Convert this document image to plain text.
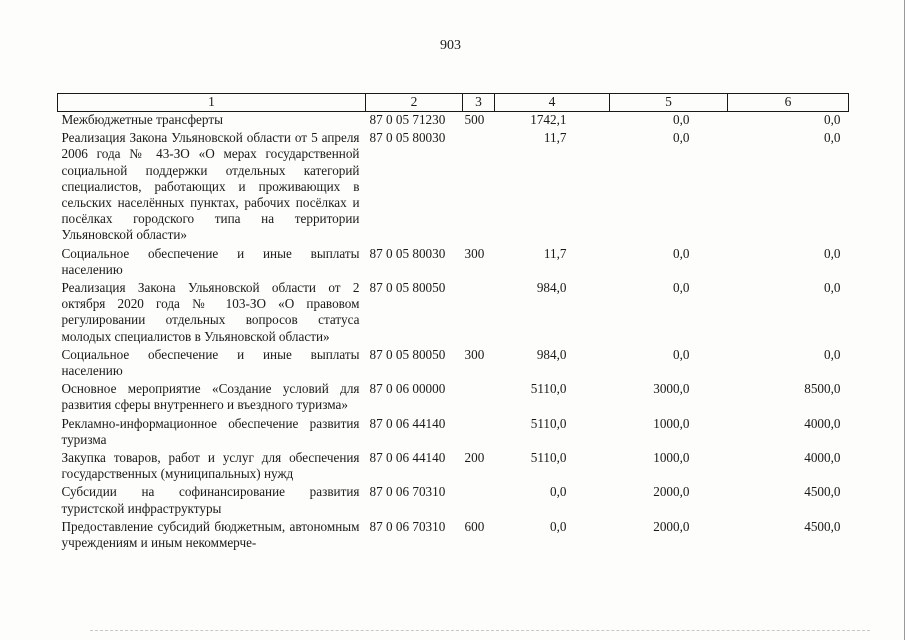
903
1	2	3	4	5	6
Межбюджетные трансферты	87 0 05 71230	500	1742,1	0,0	0,0
Реализация Закона Ульяновской области от 5 апреля 2006 года № 43-ЗО «О мерах государственной социальной поддержки отдельных категорий специалистов, работающих и проживающих в сельских населённых пунктах, рабочих посёлках и посёлках городского типа на территории Ульяновской области»	87 0 05 80030		11,7	0,0	0,0
Социальное обеспечение и иные выплаты населению	87 0 05 80030	300	11,7	0,0	0,0
Реализация Закона Ульяновской области от 2 октября 2020 года № 103-ЗО «О правовом регулировании отдельных вопросов статуса молодых специалистов в Ульяновской области»	87 0 05 80050		984,0	0,0	0,0
Социальное обеспечение и иные выплаты населению	87 0 05 80050	300	984,0	0,0	0,0
Основное мероприятие «Создание условий для развития сферы внутреннего и въездного туризма»	87 0 06 00000		5110,0	3000,0	8500,0
Рекламно-информационное обеспечение развития туризма	87 0 06 44140		5110,0	1000,0	4000,0
Закупка товаров, работ и услуг для обеспечения государственных (муниципальных) нужд	87 0 06 44140	200	5110,0	1000,0	4000,0
Субсидии на софинансирование развития туристской инфраструктуры	87 0 06 70310		0,0	2000,0	4500,0
Предоставление субсидий бюджетным, автономным учреждениям и иным некоммерче-	87 0 06 70310	600	0,0	2000,0	4500,0
